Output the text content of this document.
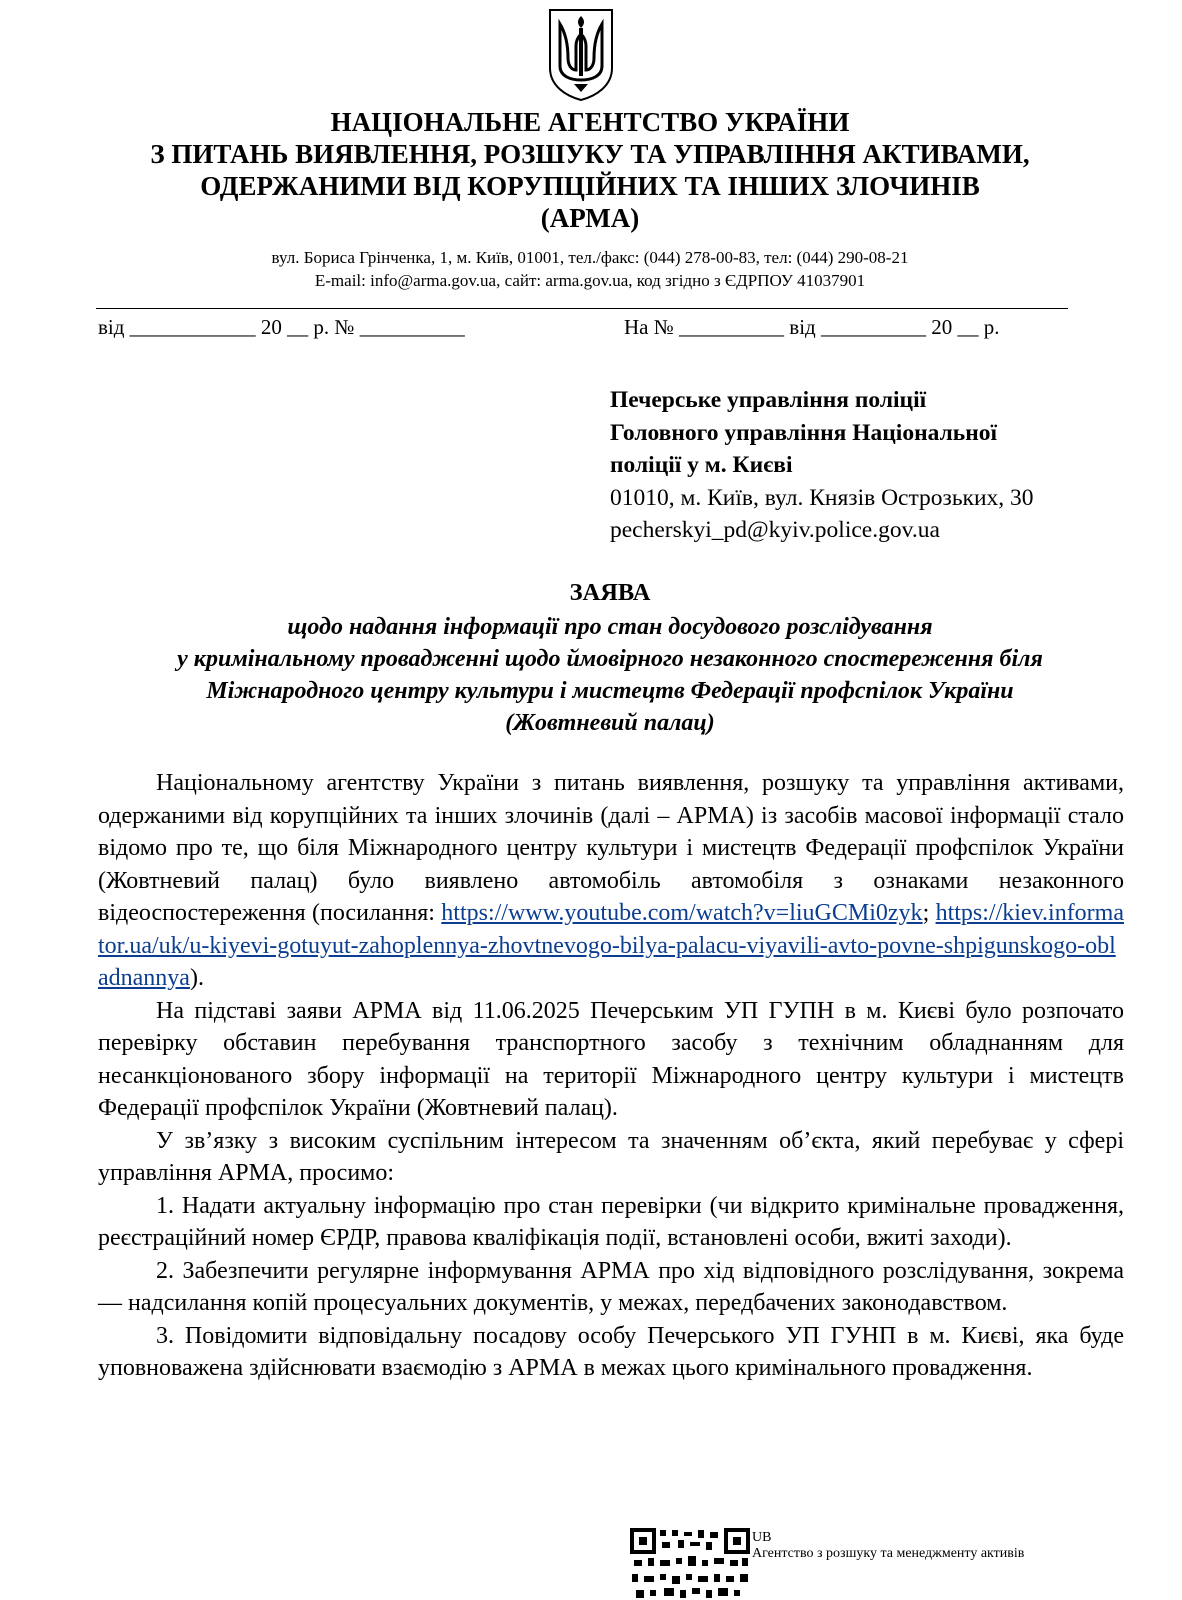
НАЦІОНАЛЬНЕ АГЕНТСТВО УКРАЇНИ
З ПИТАНЬ ВИЯВЛЕННЯ, РОЗШУКУ ТА УПРАВЛІННЯ АКТИВАМИ,
ОДЕРЖАНИМИ ВІД КОРУПЦІЙНИХ ТА ІНШИХ ЗЛОЧИНІВ
(АРМА)
вул. Бориса Грінченка, 1, м. Київ, 01001, тел./факс: (044) 278-00-83, тел: (044) 290-08-21
E-mail: info@arma.gov.ua, сайт: arma.gov.ua, код згідно з ЄДРПОУ 41037901
від ____________ 20 __ р. № __________	На № __________ від __________ 20 __ р.
Печерське управління поліції
Головного управління Національної
поліції у м. Києві
01010, м. Київ, вул. Князів Острозьких, 30
pecherskyi_pd@kyiv.police.gov.ua
ЗАЯВА
щодо надання інформації про стан досудового розслідування
у кримінальному провадженні щодо ймовірного незаконного спостереження біля
Міжнародного центру культури і мистецтв Федерації профспілок України
(Жовтневий палац)

Національному агентству України з питань виявлення, розшуку та управління активами, одержаними від корупційних та інших злочинів (далі – АРМА) із засобів масової інформації стало відомо про те, що біля Міжнародного центру культури і мистецтв Федерації профспілок України (Жовтневий палац) було виявлено автомобіль автомобіля з ознаками незаконного відеоспостереження (посилання: https://www.youtube.com/watch?v=liuGCMi0zyk; https://kiev.informator.ua/uk/u-kiyevi-gotuyut-zahoplennya-zhovtnevogo-bilya-palacu-viyavili-avto-povne-shpigunskogo-obladnannya).

На підставі заяви АРМА від 11.06.2025 Печерським УП ГУПН в м. Києві було розпочато перевірку обставин перебування транспортного засобу з технічним обладнанням для несанкціонованого збору інформації на території Міжнародного центру культури і мистецтв Федерації профспілок України (Жовтневий палац).

У зв’язку з високим суспільним інтересом та значенням об’єкта, який перебуває у сфері управління АРМА, просимо:

1. Надати актуальну інформацію про стан перевірки (чи відкрито кримінальне провадження, реєстраційний номер ЄРДР, правова кваліфікація події, встановлені особи, вжиті заходи).

2. Забезпечити регулярне інформування АРМА про хід відповідного розслідування, зокрема — надсилання копій процесуальних документів, у межах, передбачених законодавством.

3. Повідомити відповідальну посадову особу Печерського УП ГУНП в м. Києві, яка буде уповноважена здійснювати взаємодію з АРМА в межах цього кримінального провадження.

UB
Агентство з розшуку та менеджменту активів
